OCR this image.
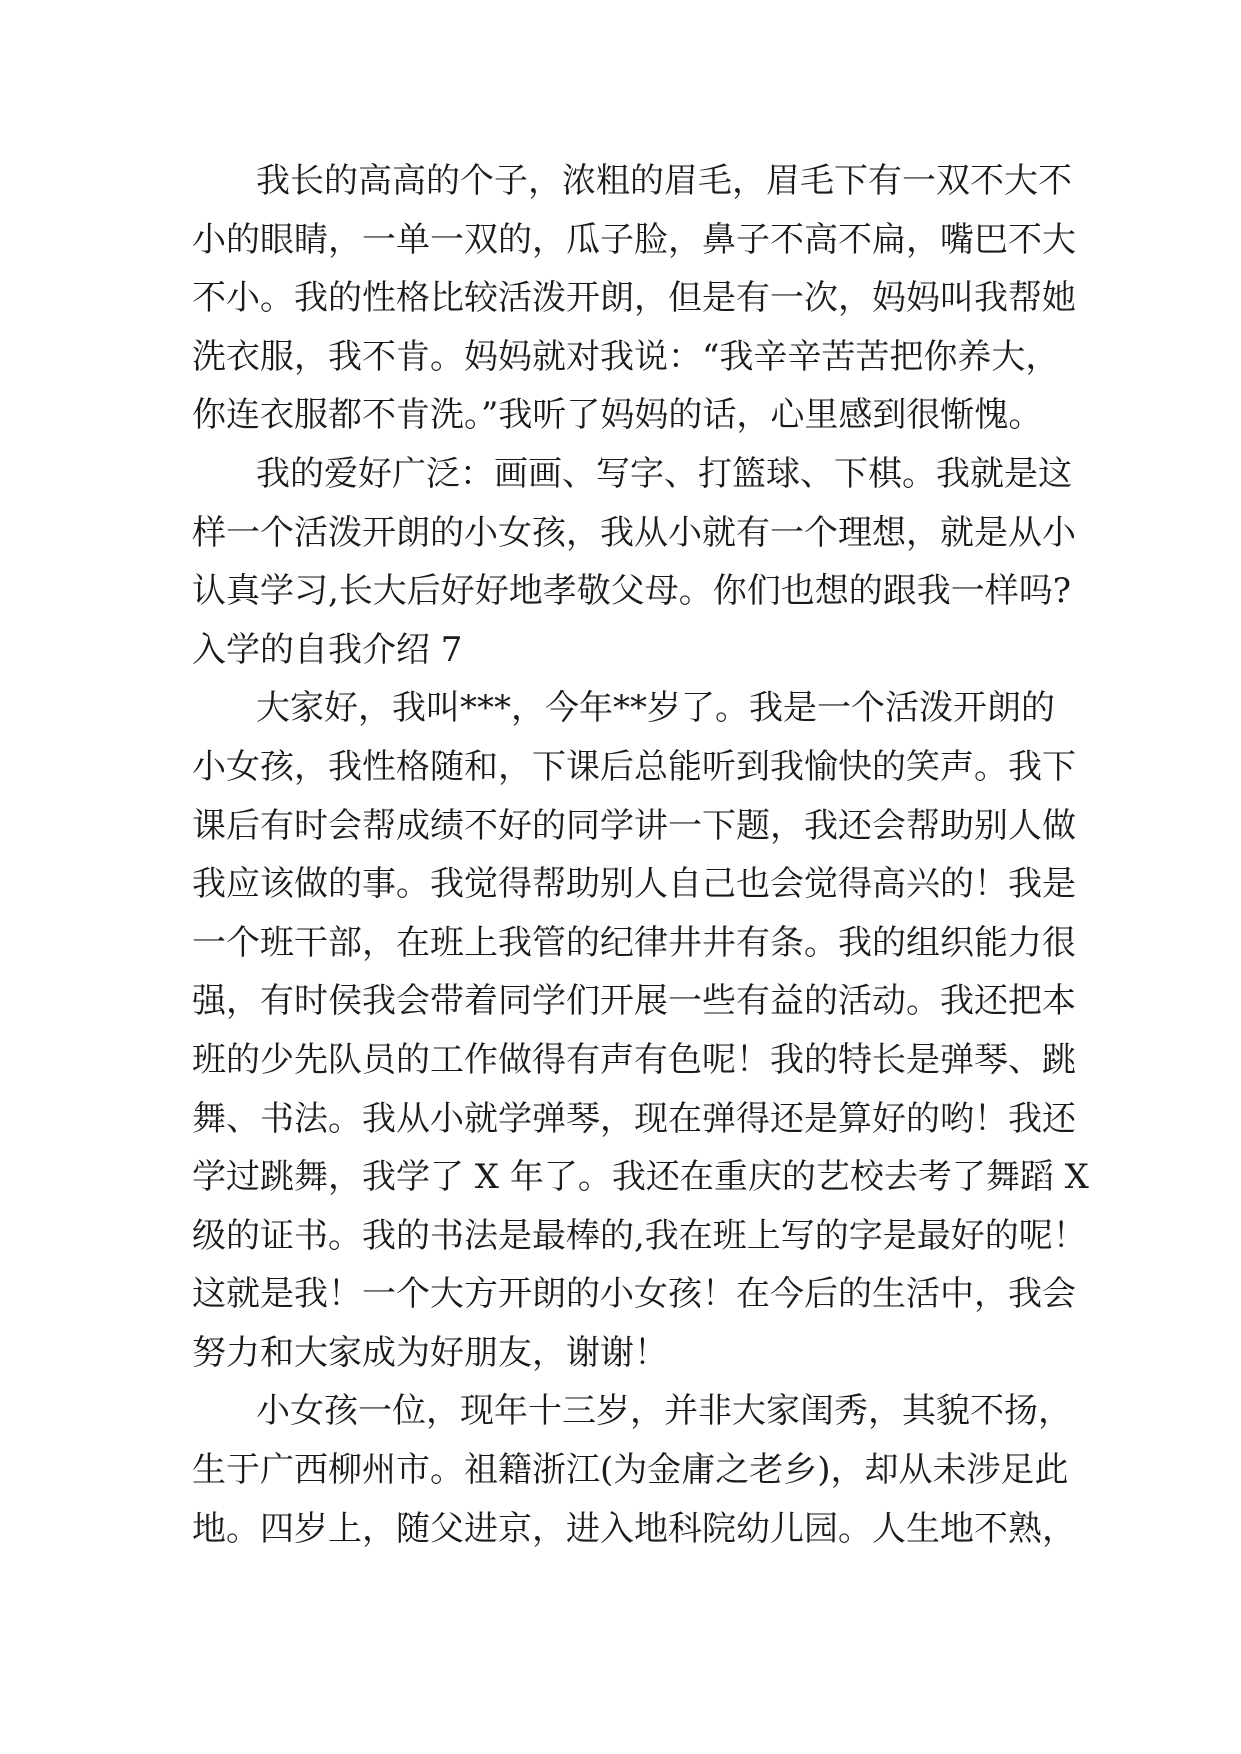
我长的高高的个子，浓粗的眉毛，眉毛下有一双不大不
小的眼睛，一单一双的，瓜子脸，鼻子不高不扁，嘴巴不大
不小。我的性格比较活泼开朗，但是有一次，妈妈叫我帮她
洗衣服，我不肯。妈妈就对我说：“我辛辛苦苦把你养大，
你连衣服都不肯洗。”我听了妈妈的话，心里感到很惭愧。
我的爱好广泛：画画、写字、打篮球、下棋。我就是这
样一个活泼开朗的小女孩，我从小就有一个理想，就是从小
认真学习,长大后好好地孝敬父母。你们也想的跟我一样吗?
入学的自我介绍 7
大家好，我叫***，今年**岁了。我是一个活泼开朗的
小女孩，我性格随和，下课后总能听到我愉快的笑声。我下
课后有时会帮成绩不好的同学讲一下题，我还会帮助别人做
我应该做的事。我觉得帮助别人自己也会觉得高兴的！我是
一个班干部，在班上我管的纪律井井有条。我的组织能力很
强，有时侯我会带着同学们开展一些有益的活动。我还把本
班的少先队员的工作做得有声有色呢！我的特长是弹琴、跳
舞、书法。我从小就学弹琴，现在弹得还是算好的哟！我还
学过跳舞，我学了 X 年了。我还在重庆的艺校去考了舞蹈 X
级的证书。我的书法是最棒的,我在班上写的字是最好的呢！
这就是我！一个大方开朗的小女孩！在今后的生活中，我会
努力和大家成为好朋友，谢谢！
小女孩一位，现年十三岁，并非大家闺秀，其貌不扬，
生于广西柳州市。祖籍浙江(为金庸之老乡)，却从未涉足此
地。四岁上，随父进京，进入地科院幼儿园。人生地不熟，
